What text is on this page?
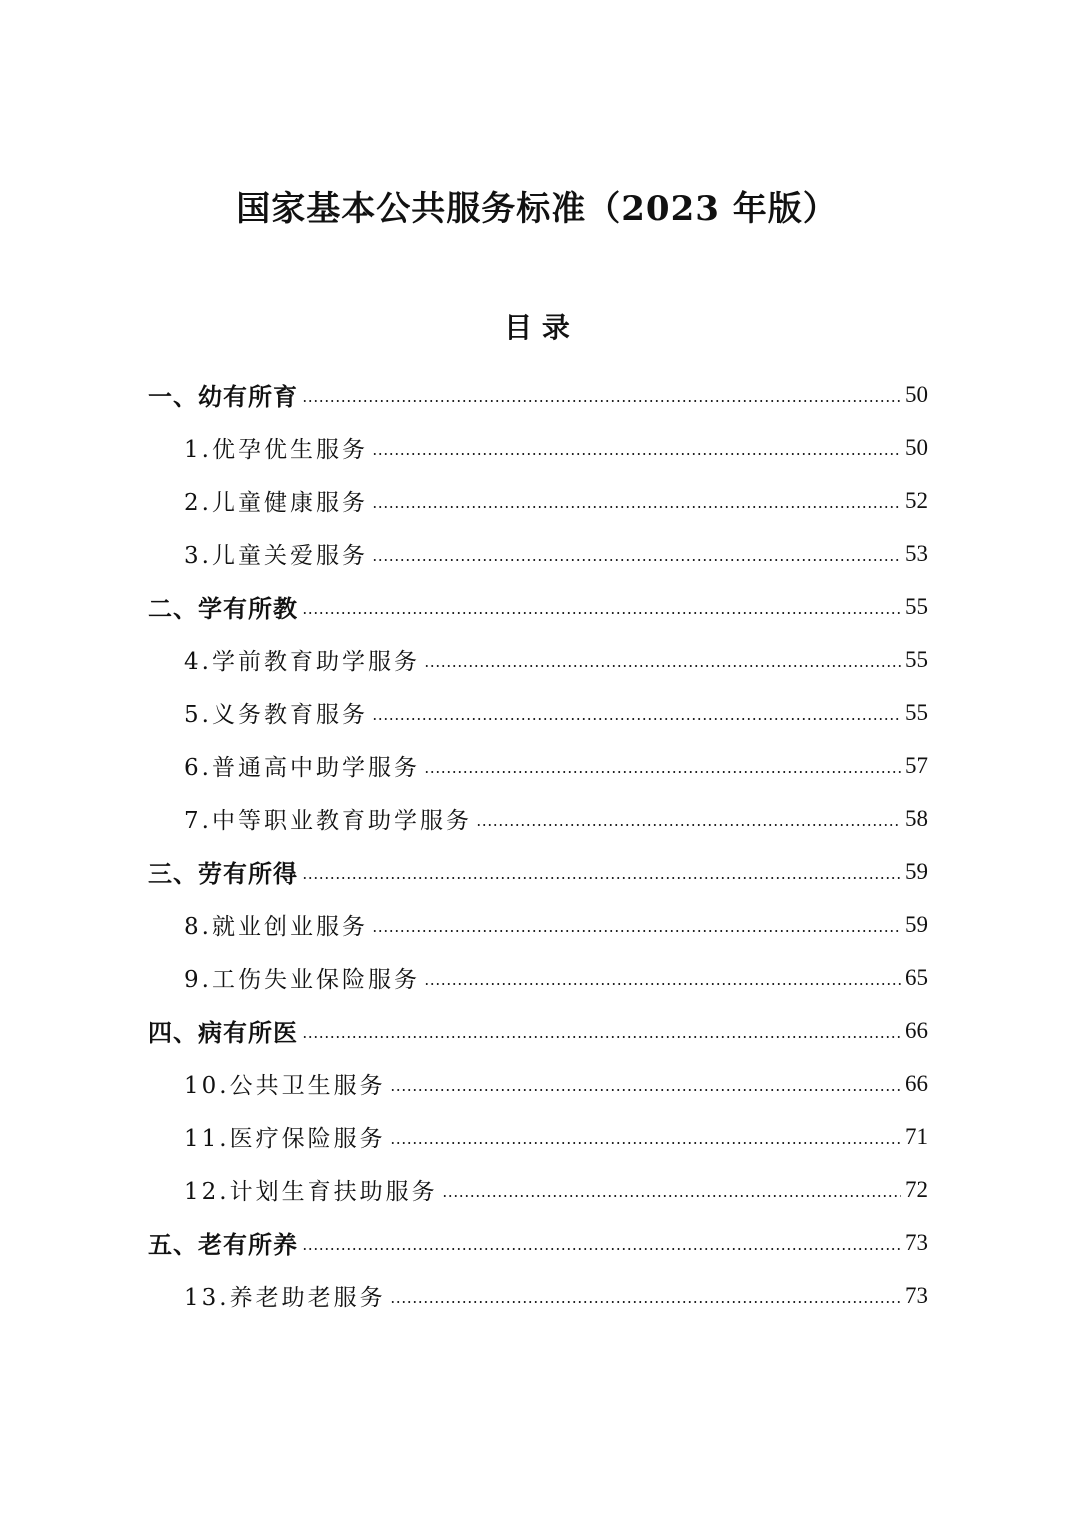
国家基本公共服务标准（2023 年版）
目 录
一、幼有所育	50
1.优孕优生服务	50
2.儿童健康服务	52
3.儿童关爱服务	53
二、学有所教	55
4.学前教育助学服务	55
5.义务教育服务	55
6.普通高中助学服务	57
7.中等职业教育助学服务	58
三、劳有所得	59
8.就业创业服务	59
9.工伤失业保险服务	65
四、病有所医	66
10.公共卫生服务	66
11.医疗保险服务	71
12.计划生育扶助服务	72
五、老有所养	73
13.养老助老服务	73
